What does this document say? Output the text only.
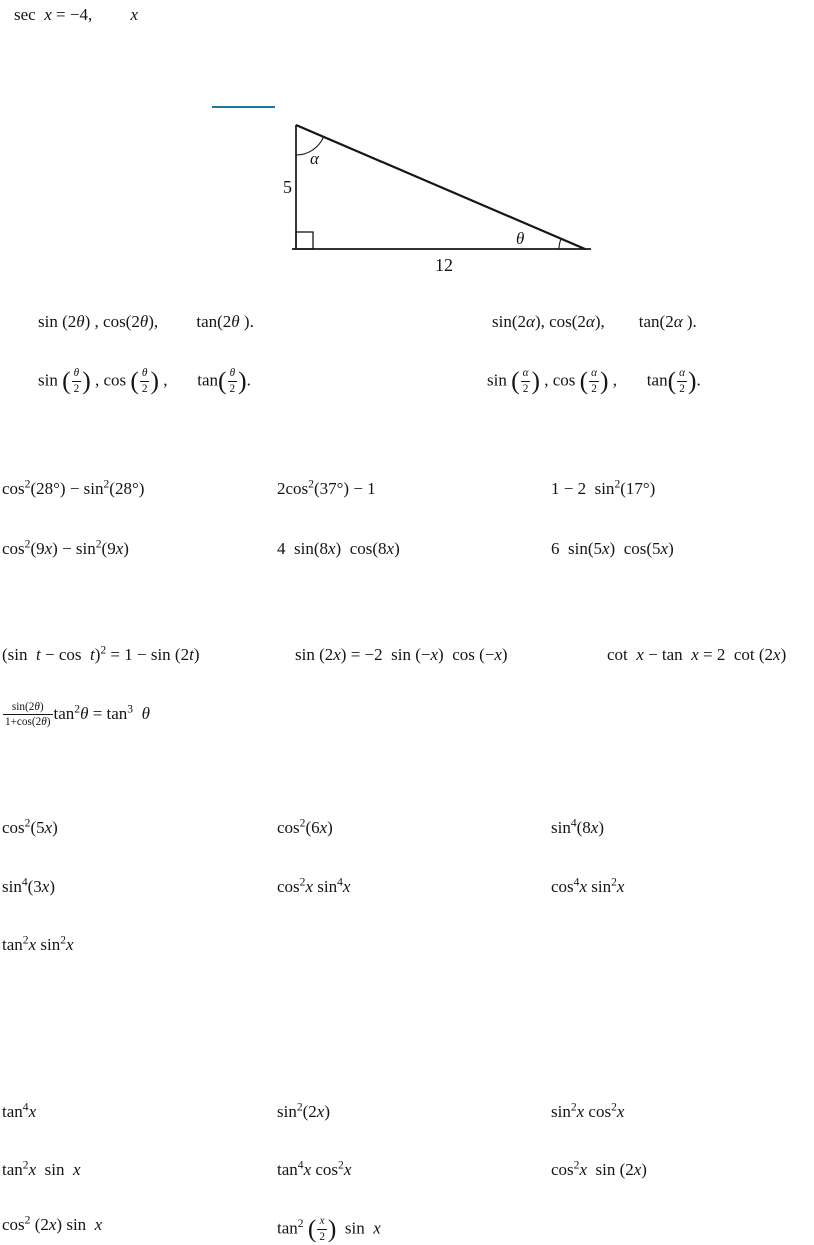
sec  x = −4,         x
5
12
α
θ
sin (2θ) , cos(2θ),         tan(2θ ).	sin(2α), cos(2α),        tan(2α ).
sin ( $\frac{\theta}{2}$ ) , cos ( $\frac{\theta}{2}$ ) ,       $\tan( \frac{\theta}{2}$ ).	sin ( $\frac{\alpha}{2}$ ) , cos ( $\frac{\alpha}{2}$ ) ,       $\tan( \frac{\alpha}{2}$ ).
$\cos^2(28^\circ) - \sin^2(28^\circ)$	$2\cos^2(37^\circ) - 1$	1 − 2  $\sin^2(17^\circ)$
$\cos^2(9x) - \sin^2(9x)$	4  sin(8x)  cos(8x)	6  sin(5x)  cos(5x)
(sin  t − cos  t)$^2$ = 1 − sin (2t)	sin (2x) = −2  sin (−x)  cos (−x)	cot  x − tan  x = 2  cot (2x)
$\frac{\sin(2\theta)}{1+\cos(2\theta)} \tan^2\theta = \tan^3 \theta$
$\cos^2(5x)$	$\cos^2(6x)$	$\sin^4(8x)$
$\sin^4(3x)$	$\cos^2x$ $\sin^4x$	$\cos^4x$ $\sin^2x$
$\tan^2x$ $\sin^2x$
$\tan^4x$	$\sin^2(2x)$	$\sin^2x$ $\cos^2x$
$\tan^2x$  sin  x	$\tan^4x$ $\cos^2x$	$\cos^2x$  sin (2x)
$\cos^2 (2x)$ sin  x	$\tan^2$ ( $\frac{x}{2}$ )  sin  x
